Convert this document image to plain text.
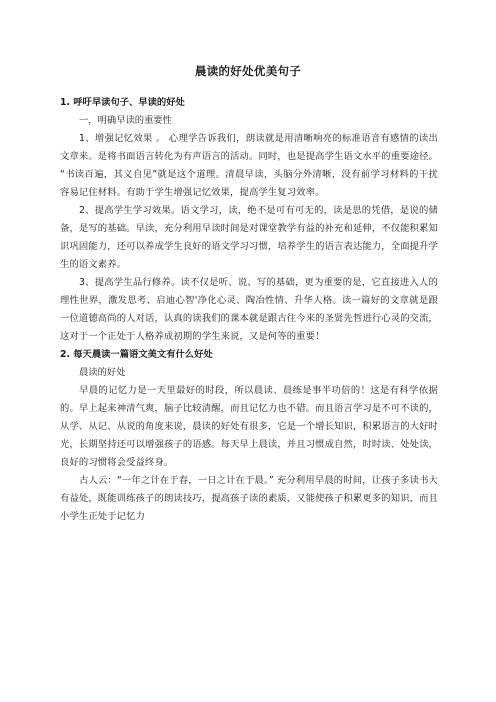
晨读的好处优美句子

1. 呼吁早读句子、早读的好处

一，明确早读的重要性

1、增强记忆效果 。 心理学告诉我们，朗读就是用清晰响亮的标准语音有感情的读出文章来。是将书面语言转化为有声语言的活动。同时，也是提高学生语文水平的重要途径。 “书读百遍，其义自见”就是这个道理。清晨早读，头脑分外清晰，没有前学习材料的干扰容易记住材料。有助于学生增强记忆效果，提高学生复习效率。

2、提高学生学习效果。语文学习，读，绝不是可有可无的，读是思的凭借，是说的储备，是写的基础。早读，充分利用早读时间是对课堂教学有益的补充和延伸，不仅能积累知识巩固能力，还可以养成学生良好的语文学习习惯，培养学生的语言表达能力，全面提升学生的语文素养。

3、提高学生品行修养。读不仅是听、说、写的基础，更为重要的是，它直接进入人的理性世界，激发思考、启迪心智'净化心灵、陶冶性情、升华人格。读一篇好的文章就是跟一位道德高尚的人对话，认真的读我们的课本就是跟古往今来的圣贤先哲进行心灵的交流，这对于一个正处于人格养成初期的学生来说，又是何等的重要！

2. 每天晨读一篇语文美文有什么好处

晨读的好处

早晨的记忆力是一天里最好的时段，所以晨读、晨练是事半功倍的！这是有科学依据的。早上起来神清气爽，脑子比较清醒，而且记忆力也不错。而且语言学习是不可不读的，从学、从记、从说的角度来说，晨读的好处有很多，它是一个增长知识，积累语言的大好时光，长期坚持还可以增强孩子的语感。每天早上晨读，并且习惯成自然，时时读、处处读，良好的习惯将会受益终身。

古人云：“一年之计在于春，一日之计在于晨。” 充分利用早晨的时间，让孩子多读书大有益处，既能训练孩子的朗读技巧，提高孩子读的素质，又能使孩子积累更多的知识，而且小学生正处于记忆力
